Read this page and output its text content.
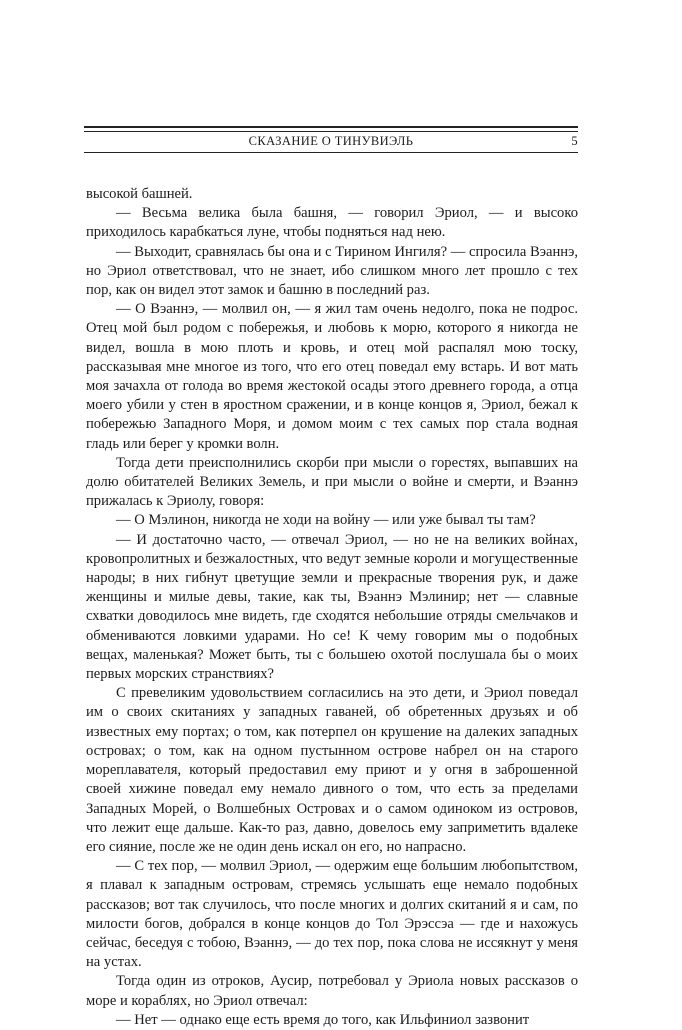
СКАЗАНИЕ О ТИНУВИЭЛЬ	5

высокой башней.

— Весьма велика была башня, — говорил Эриол, — и высоко приходилось карабкаться луне, чтобы подняться над нею.

— Выходит, сравнялась бы она и с Тирином Ингиля? — спросила Вэаннэ, но Эриол ответствовал, что не знает, ибо слишком много лет прошло с тех пор, как он видел этот замок и башню в последний раз.

— О Вэаннэ, — молвил он, — я жил там очень недолго, пока не подрос. Отец мой был родом с побережья, и любовь к морю, которого я никогда не видел, вошла в мою плоть и кровь, и отец мой распалял мою тоску, рассказывая мне многое из того, что его отец поведал ему встарь. И вот мать моя зачахла от голода во время жестокой осады этого древнего города, а отца моего убили у стен в яростном сражении, и в конце концов я, Эриол, бежал к побережью Западного Моря, и домом моим с тех самых пор стала водная гладь или берег у кромки волн.

Тогда дети преисполнились скорби при мысли о горестях, выпавших на долю обитателей Великих Земель, и при мысли о войне и смерти, и Вэаннэ прижалась к Эриолу, говоря:

— О Мэлинон, никогда не ходи на войну — или уже бывал ты там?

— И достаточно часто, — отвечал Эриол, — но не на великих войнах, кровопролитных и безжалостных, что ведут земные короли и могущественные народы; в них гибнут цветущие земли и прекрасные творения рук, и даже женщины и милые девы, такие, как ты, Вэаннэ Мэлинир; нет — славные схватки доводилось мне видеть, где сходятся небольшие отряды смельчаков и обмениваются ловкими ударами. Но се! К чему говорим мы о подобных вещах, маленькая? Может быть, ты с большею охотой послушала бы о моих первых морских странствиях?

С превеликим удовольствием согласились на это дети, и Эриол поведал им о своих скитаниях у западных гаваней, об обретенных друзьях и об известных ему портах; о том, как потерпел он крушение на далеких западных островах; о том, как на одном пустынном острове набрел он на старого мореплавателя, который предоставил ему приют и у огня в заброшенной своей хижине поведал ему немало дивного о том, что есть за пределами Западных Морей, о Волшебных Островах и о самом одиноком из островов, что лежит еще дальше. Как-то раз, давно, довелось ему заприметить вдалеке его сияние, после же не один день искал он его, но напрасно.

— С тех пор, — молвил Эриол, — одержим еще большим любопытством, я плавал к западным островам, стремясь услышать еще немало подобных рассказов; вот так случилось, что после многих и долгих скитаний я и сам, по милости богов, добрался в конце концов до Тол Эрэссэа — где и нахожусь сейчас, беседуя с тобою, Вэаннэ, — до тех пор, пока слова не иссякнут у меня на устах.

Тогда один из отроков, Аусир, потребовал у Эриола новых рассказов о море и кораблях, но Эриол отвечал:

— Нет — однако еще есть время до того, как Ильфиниол зазвонит
